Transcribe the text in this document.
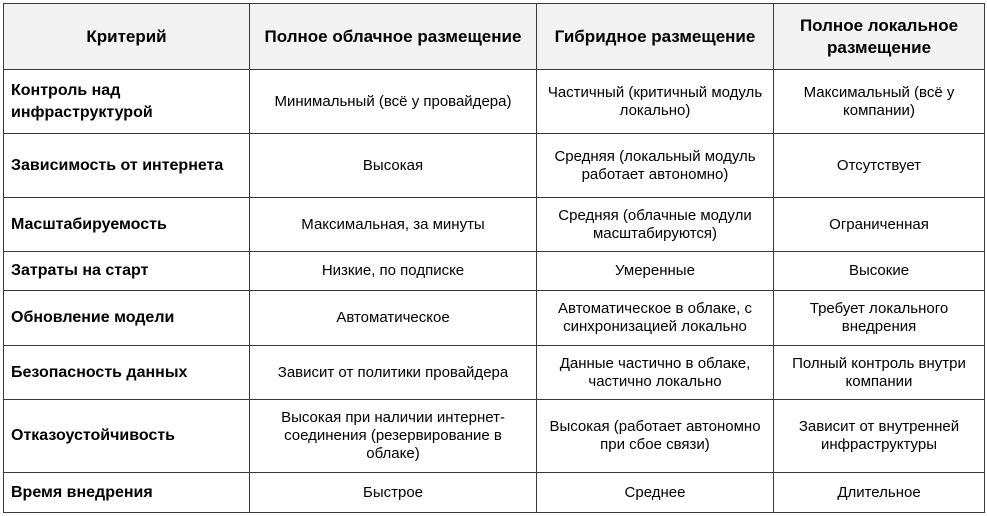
Критерий	Полное облачное размещение	Гибридное размещение	Полное локальное размещение
Контроль над инфраструктурой	Минимальный (всё у провайдера)	Частичный (критичный модуль локально)	Максимальный (всё у компании)
Зависимость от интернета	Высокая	Средняя (локальный модуль работает автономно)	Отсутствует
Масштабируемость	Максимальная, за минуты	Средняя (облачные модули масштабируются)	Ограниченная
Затраты на старт	Низкие, по подписке	Умеренные	Высокие
Обновление модели	Автоматическое	Автоматическое в облаке, с синхронизацией локально	Требует локального внедрения
Безопасность данных	Зависит от политики провайдера	Данные частично в облаке, частично локально	Полный контроль внутри компании
Отказоустойчивость	Высокая при наличии интернет-соединения (резервирование в облаке)	Высокая (работает автономно при сбое связи)	Зависит от внутренней инфраструктуры
Время внедрения	Быстрое	Среднее	Длительное
